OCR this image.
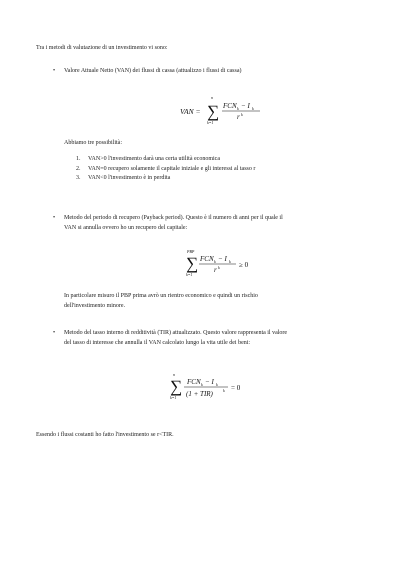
Tra i metodi di valutazione di un investimento vi sono:
• Valore Attuale Netto (VAN) dei flussi di cassa (attualizzo i flussi di cassa)
VAN = ∑
n
k=1
FCN k − I k
r k
Abbiamo tre possibilità:
1. VAN>0 l'investimento darà una certa utilità economica
2. VAN=0 recupero solamente il capitale iniziale e gli interessi al tasso r
3. VAN<0 l'investimento è in perdita
• Metodo del periodo di recupero (Payback period). Questo è il numero di anni per il quale il
VAN si annulla ovvero ho un recupero del capitale:
∑
PBP
k=1
FCN k − I k
r k	≥ 0
In particolare misuro il PBP prima avrò un rientro economico e quindi un rischio
dell'investimento minore.
• Metodo del tasso interno di redditività (TIR) attualizzato. Questo valore rappresenta il valore
del tasso di interesse che annulla il VAN calcolato lungo la vita utile dei beni:
∑
n
k=1
FCN k − I k
(1 + TIR)	k = 0
Essendo i flussi costanti ho fatto l'investimento se r<TIR.
